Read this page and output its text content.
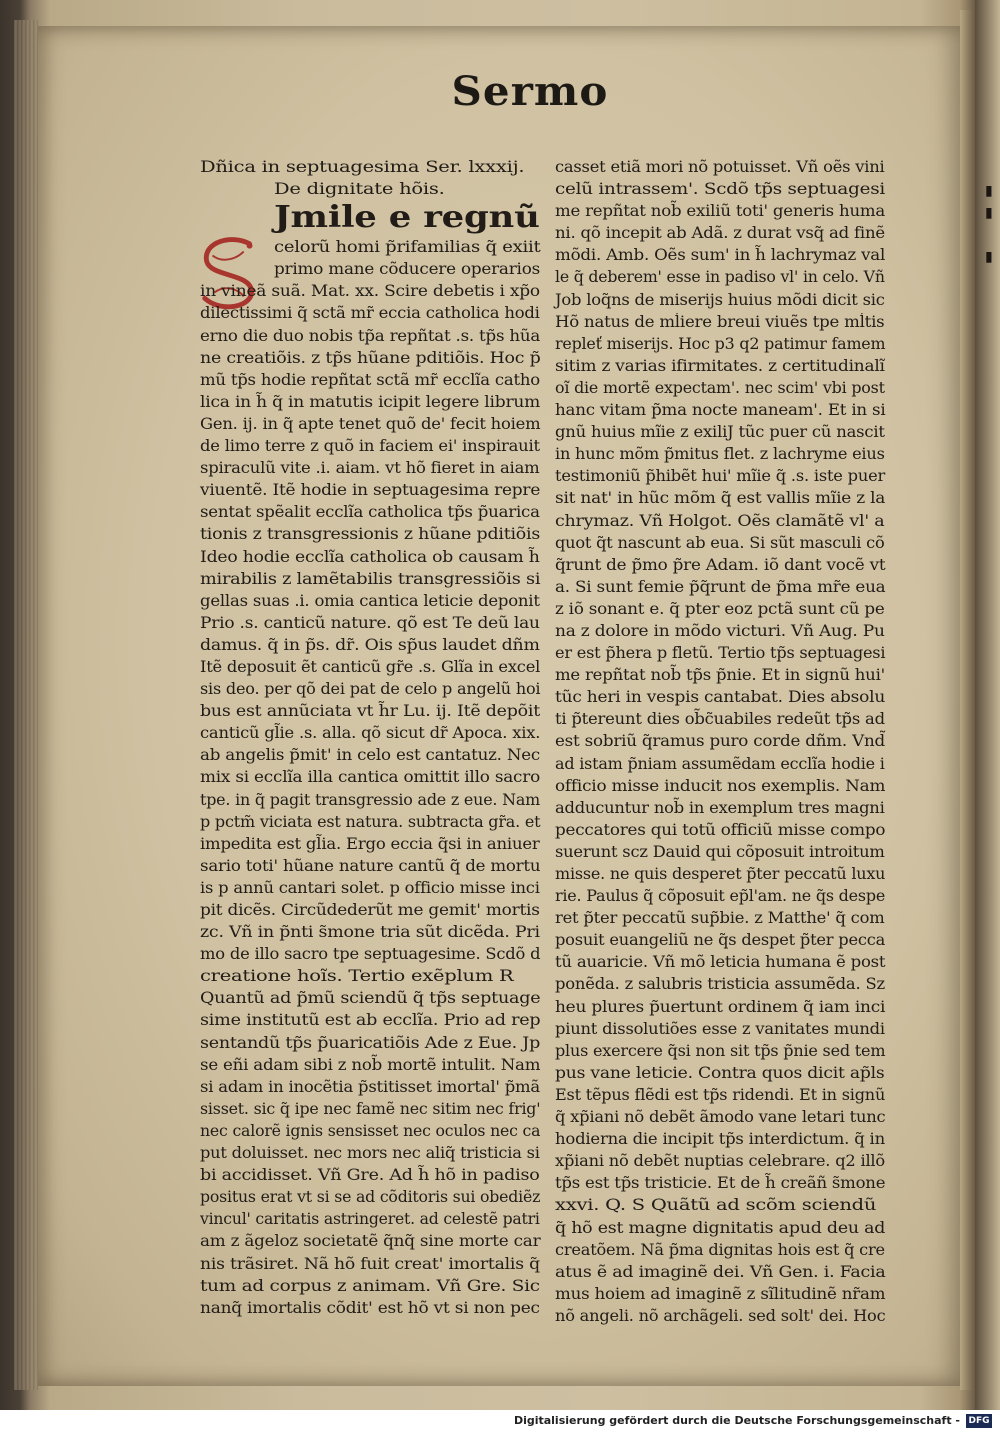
▮
▮

▮
Sermo
Dñica in septuagesima Ser. lxxxij.
De dignitate hõis.
Jmile e regnũ
celorũ homi p̃rifamilias q̃ exiit
primo mane cõducere operarios
in vineã suã. Mat. xx. Scire debetis i xp̃o
dilectissimi q̃ sctã mr̃ eccia catholica hodi
erno die duo nobis tp̃a repñtat .s. tp̃s hũa
ne creatiõis. z tp̃s hũane pditiõis. Hoc p̃
mũ tp̃s hodie repñtat sctã mr̃ ecclĩa catho
lica in h̃ q̃ in matutis icipit legere librum
Gen. ij. in q̃ apte tenet quõ de' fecit hoiem
de limo terre z quõ in faciem ei' inspirauit
spiraculũ vite .i. aiam. vt hõ fieret in aiam
viuentẽ. Itẽ hodie in septuagesima repre
sentat spẽalit ecclĩa catholica tp̃s p̃uarica
tionis z transgressionis z hũane pditiõis
Ideo hodie ecclĩa catholica ob causam h̃
mirabilis z lamẽtabilis transgressiõis si
gellas suas .i. omia cantica leticie deponit
Prio .s. canticũ nature. qõ est Te deũ lau
damus. q̃ in p̃s. dr̃. Ois sp̃us laudet dñm
Itẽ deposuit ẽt canticũ gr̃e .s. Glĩa in excel
sis deo. per qõ dei pat de celo p angelũ hoi
bus est annũciata vt h̃r Lu. ij. Itẽ depõit
canticũ gl̃ie .s. alla. qõ sicut dr̃ Apoca. xix.
ab angelis p̃mit' in celo est cantatuz. Nec
mix si ecclĩa illa cantica omittit illo sacro
tpe. in q̃ pagit transgressio ade z eue. Nam
p pctm̃ viciata est natura. subtracta gr̃a. et
impedita est gl̃ia. Ergo eccia q̃si in aniuer
sario toti' hũane nature cantũ q̃ de mortu
is p annũ cantari solet. p officio misse inci
pit dicẽs. Circũdederũt me gemit' mortis
zc. Vñ in p̃nti s̃mone tria sũt dicẽda. Pri
mo de illo sacro tpe septuagesime. Scdõ d
creatione hoĩs. Tertio exẽplum R
Quantũ ad p̃mũ sciendũ q̃ tp̃s septuage
sime institutũ est ab ecclĩa. Prio ad rep
sentandũ tp̃s p̃uaricatiõis Ade z Eue. Jp
se eñi adam sibi z nob̃ mortẽ intulit. Nam
si adam in inocẽtia p̃stitisset imortal' p̃mã
sisset. sic q̃ ipe nec famẽ nec sitim nec frig'
nec calorẽ ignis sensisset nec oculos nec ca
put doluisset. nec mors nec aliq̃ tristicia si
bi accidisset. Vñ Gre. Ad h̃ hõ in padiso
positus erat vt si se ad cõditoris sui obediẽz
vincul' caritatis astringeret. ad celestẽ patri
am z ãgeloz societatẽ q̃nq̃ sine morte car
nis trãsiret. Nã hõ fuit creat' imortalis q̃
tum ad corpus z animam. Vñ Gre. Sic
nanq̃ imortalis cõdit' est hõ vt si non pec
casset etiã mori nõ potuisset. Vñ oẽs vini
celũ intrassem'. Scdõ tp̃s septuagesi
me repñtat nob̃ exiliũ toti' generis huma
ni. qõ incepit ab Adã. z durat vsq̃ ad finẽ
mõdi. Amb. Oẽs sum' in h̃ lachrymaz val
le q̃ deberem' esse in padiso vl' in celo. Vñ
Job loq̃ns de miserijs huius mõdi dicit sic
Hõ natus de mĺiere breui viuẽs tpe mĺtis
repleť miserijs. Hoc p3 q2 patimur famem
sitim z varias ifirmitates. z certitudinalĩ
oĩ die mortẽ expectam'. nec scim' vbi post
hanc vitam p̃ma nocte maneam'. Et in si
gnũ huius mĩie z exiliJ tũc puer cũ nascit
in hunc mõm p̃mitus flet. z lachryme eius
testimoniũ p̃hibẽt hui' mĩie q̃ .s. iste puer
sit nat' in hũc mõm q̃ est vallis mĩie z la
chrymaz. Vñ Holgot. Oẽs clamãtẽ vl' a
quot q̃t nascunt ab eua. Si sũt masculi cõ
q̃runt de p̃mo p̃re Adam. iõ dant vocẽ vt
a. Si sunt femie p̃q̃runt de p̃ma mr̃e eua
z iõ sonant e. q̃ pter eoz pctã sunt cũ pe
na z dolore in mõdo victuri. Vñ Aug. Pu
er est p̃hera p fletũ. Tertio tp̃s septuagesi
me repñtat nob̃ tp̃s p̃nie. Et in signũ hui'
tũc heri in vespis cantabat. Dies absolu
ti p̃tereunt dies ob̃c̃uabiles redeũt tp̃s ad
est sobriũ q̃ramus puro corde dñm. Vnd̃
ad istam p̃niam assumẽdam ecclĩa hodie i
officio misse inducit nos exemplis. Nam
adducuntur nob̃ in exemplum tres magni
peccatores qui totũ officiũ misse compo
suerunt scz Dauid qui cõposuit introitum
misse. ne quis desperet p̃ter peccatũ luxu
rie. Paulus q̃ cõposuit ep̃l'am. ne q̃s despe
ret p̃ter peccatũ sup̃bie. z Matthe' q̃ com
posuit euangeliũ ne q̃s despet p̃ter pecca
tũ auaricie. Vñ mõ leticia humana ẽ post
ponẽda. z salubris tristicia assumẽda. Sz
heu plures p̃uertunt ordinem q̃ iam inci
piunt dissolutiões esse z vanitates mundi
plus exercere q̃si non sit tp̃s p̃nie sed tem
pus vane leticie. Contra quos dicit ap̃ls
Est tẽpus flẽdi est tp̃s ridendi. Et in signũ
q̃ xp̃iani nõ debẽt ãmodo vane letari tunc
hodierna die incipit tp̃s interdictum. q̃ in
xp̃iani nõ debẽt nuptias celebrare. q2 illõ
tp̃s est tp̃s tristicie. Et de h̃ creãñ s̃mone
xxvi. Q. S Quãtũ ad scõm sciendũ
q̃ hõ est magne dignitatis apud deu ad
creatõem. Nã p̃ma dignitas hois est q̃ cre
atus ẽ ad imaginẽ dei. Vñ Gen. i. Facia
mus hoiem ad imaginẽ z sĩlitudinẽ nr̃am
nõ angeli. nõ archãgeli. sed solt' dei. Hoc
Digitalisierung gefördert durch die Deutsche Forschungsgemeinschaft - DFG
